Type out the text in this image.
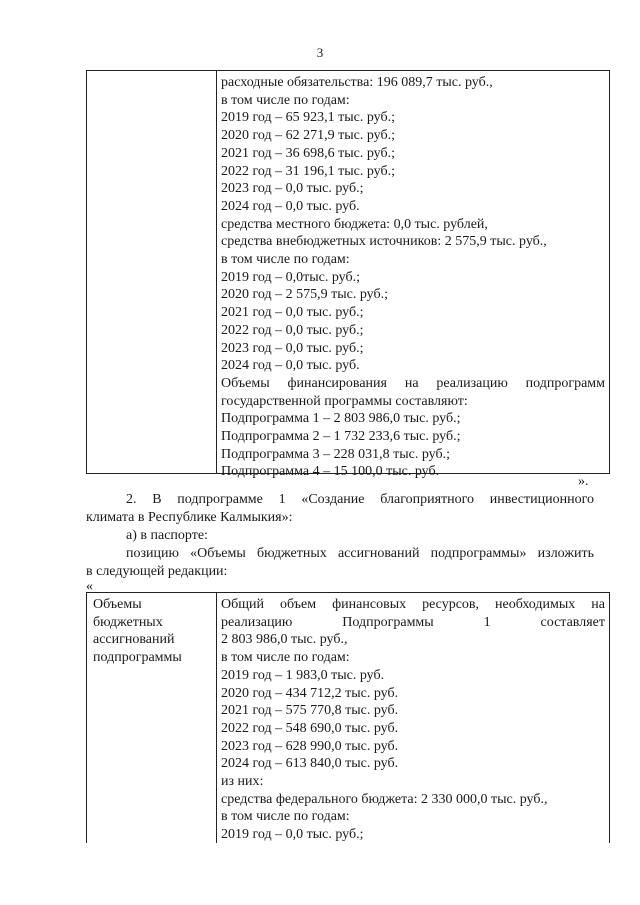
3
расходные обязательства: 196 089,7 тыс. руб.,
в том числе по годам:
2019 год – 65 923,1 тыс. руб.;
2020 год – 62 271,9 тыс. руб.;
2021 год – 36 698,6 тыс. руб.;
2022 год – 31 196,1 тыс. руб.;
2023 год – 0,0 тыс. руб.;
2024 год – 0,0 тыс. руб.
средства местного бюджета: 0,0 тыс. рублей,
средства внебюджетных источников: 2 575,9 тыс. руб.,
в том числе по годам:
2019 год – 0,0тыс. руб.;
2020 год – 2 575,9 тыс. руб.;
2021 год – 0,0 тыс. руб.;
2022 год – 0,0 тыс. руб.;
2023 год – 0,0 тыс. руб.;
2024 год – 0,0 тыс. руб.
Объемы финансирования на реализацию подпрограмм
государственной программы составляют:
Подпрограмма 1 – 2 803 986,0 тыс. руб.;
Подпрограмма 2 – 1 732 233,6 тыс. руб.;
Подпрограмма 3 – 228 031,8 тыс. руб.;
Подпрограмма 4 – 15 100,0 тыс. руб.
».
2. В подпрограмме 1 «Создание благоприятного инвестиционного
климата в Республике Калмыкия»:
а) в паспорте:
позицию «Объемы бюджетных ассигнований подпрограммы» изложить
в следующей редакции:
«
Объемы
бюджетных
ассигнований
подпрограммы
Общий объем финансовых ресурсов, необходимых на
реализацию Подпрограммы 1 составляет
2 803 986,0 тыс. руб.,
в том числе по годам:
2019 год – 1 983,0 тыс. руб.
2020 год – 434 712,2 тыс. руб.
2021 год – 575 770,8 тыс. руб.
2022 год – 548 690,0 тыс. руб.
2023 год – 628 990,0 тыс. руб.
2024 год – 613 840,0 тыс. руб.
из них:
средства федерального бюджета: 2 330 000,0 тыс. руб.,
в том числе по годам:
2019 год – 0,0 тыс. руб.;
